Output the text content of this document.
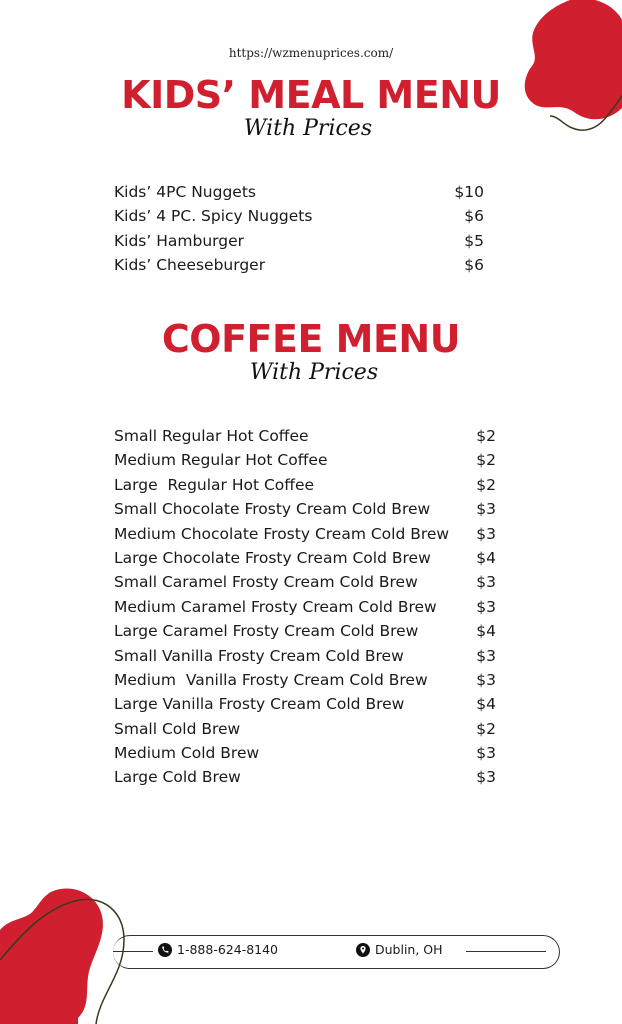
https://wzmenuprices.com/
KIDS’ MEAL MENU
With Prices
Kids’ 4PC Nuggets	$10
Kids’ 4 PC. Spicy Nuggets	$6
Kids’ Hamburger	$5
Kids’ Cheeseburger	$6
COFFEE MENU
With Prices
Small Regular Hot Coffee	$2
Medium Regular Hot Coffee	$2
Large  Regular Hot Coffee	$2
Small Chocolate Frosty Cream Cold Brew	$3
Medium Chocolate Frosty Cream Cold Brew $3
Large Chocolate Frosty Cream Cold Brew	$4
Small Caramel Frosty Cream Cold Brew	$3
Medium Caramel Frosty Cream Cold Brew	$3
Large Caramel Frosty Cream Cold Brew	$4
Small Vanilla Frosty Cream Cold Brew	$3
Medium  Vanilla Frosty Cream Cold Brew	$3
Large Vanilla Frosty Cream Cold Brew	$4
Small Cold Brew	$2
Medium Cold Brew	$3
Large Cold Brew	$3
1-888-624-8140	Dublin, OH
